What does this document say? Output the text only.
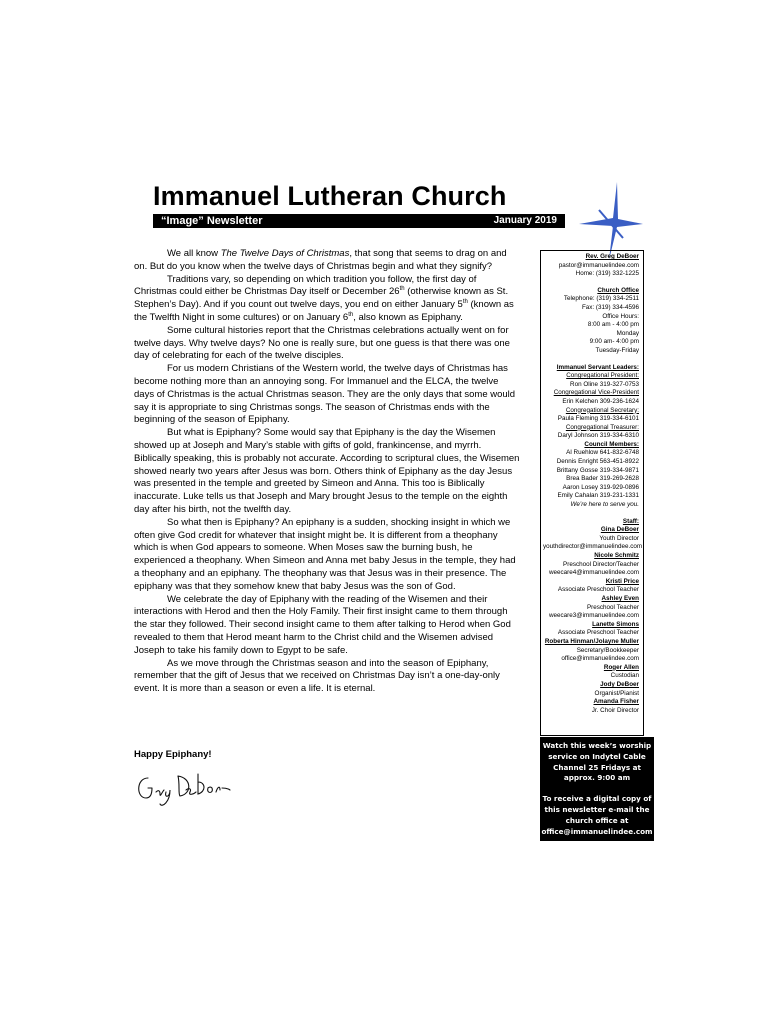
Immanuel Lutheran Church
“Image” Newsletter	January 2019

We all know The Twelve Days of Christmas, that song that seems to drag on and on. But do you know when the twelve days of Christmas begin and what they signify?

Traditions vary, so depending on which tradition you follow, the first day of Christmas could either be Christmas Day itself or December 26th (otherwise known as St. Stephen’s Day). And if you count out twelve days, you end on either January 5th (known as the Twelfth Night in some cultures) or on January 6th, also known as Epiphany.

Some cultural histories report that the Christmas celebrations actually went on for twelve days. Why twelve days? No one is really sure, but one guess is that there was one day of celebrating for each of the twelve disciples.

For us modern Christians of the Western world, the twelve days of Christmas has become nothing more than an annoying song. For Immanuel and the ELCA, the twelve days of Christmas is the actual Christmas season. They are the only days that some would say it is appropriate to sing Christmas songs. The season of Christmas ends with the beginning of the season of Epiphany.

But what is Epiphany? Some would say that Epiphany is the day the Wisemen showed up at Joseph and Mary’s stable with gifts of gold, frankincense, and myrrh. Biblically speaking, this is probably not accurate. According to scriptural clues, the Wisemen showed nearly two years after Jesus was born. Others think of Epiphany as the day Jesus was presented in the temple and greeted by Simeon and Anna. This too is Biblically inaccurate. Luke tells us that Joseph and Mary brought Jesus to the temple on the eighth day after his birth, not the twelfth day.

So what then is Epiphany? An epiphany is a sudden, shocking insight in which we often give God credit for whatever that insight might be. It is different from a theophany which is when God appears to someone. When Moses saw the burning bush, he experienced a theophany. When Simeon and Anna met baby Jesus in the temple, they had a theophany and an epiphany. The theophany was that Jesus was in their presence. The epiphany was that they somehow knew that baby Jesus was the son of God.

We celebrate the day of Epiphany with the reading of the Wisemen and their interactions with Herod and then the Holy Family. Their first insight came to them through the star they followed. Their second insight came to them after talking to Herod when God revealed to them that Herod meant harm to the Christ child and the Wisemen advised Joseph to take his family down to Egypt to be safe.

As we move through the Christmas season and into the season of Epiphany, remember that the gift of Jesus that we received on Christmas Day isn’t a one-day-only event. It is more than a season or even a life. It is eternal.

Happy Epiphany!
Rev. Greg DeBoer
pastor@immanuelindee.com
Home: (319) 332-1225
Church Office
Telephone: (319) 334-2511
Fax: (319) 334-4596
Office Hours:
8:00 am - 4:00 pm
Monday
9:00 am- 4:00 pm
Tuesday-Friday
Immanuel Servant Leaders:
Congregational President:
Ron Oline 319-327-0753
Congregational Vice-President
Erin Kelchen 309-236-1624
Congregational Secretary:
Paula Fleming 319-334-6101
Congregational Treasurer:
Daryl Johnson 319-334-6310
Council Members:
Al Ruehlow 641-832-6748
Dennis Enright 563-451-8922
Brittany Gosse 319-334-9871
Brea Bader 319-269-2628
Aaron Losey 319-929-0896
Emily Cahalan 319-231-1331
We’re here to serve you.
Staff:
Gina DeBoer
Youth Director
youthdirector@immanuelindee.com
Nicole Schmitz
Preschool Director/Teacher
weecare4@immanuelindee.com
Kristi Price
Associate Preschool Teacher
Ashley Even
Preschool Teacher
weecare3@immanuelindee.com
Lanette Simons
Associate Preschool Teacher
Roberta Hinman/Jolayne Muller
Secretary/Bookkeeper
office@immanuelindee.com
Roger Allen
Custodian
Jody DeBoer
Organist/Pianist
Amanda Fisher
Jr. Choir Director
Watch this week’s worship
service on Indytel Cable
Channel 25 Fridays at
approx. 9:00 am
To receive a digital copy of
this newsletter e-mail the
church office at
office@immanuelindee.com
